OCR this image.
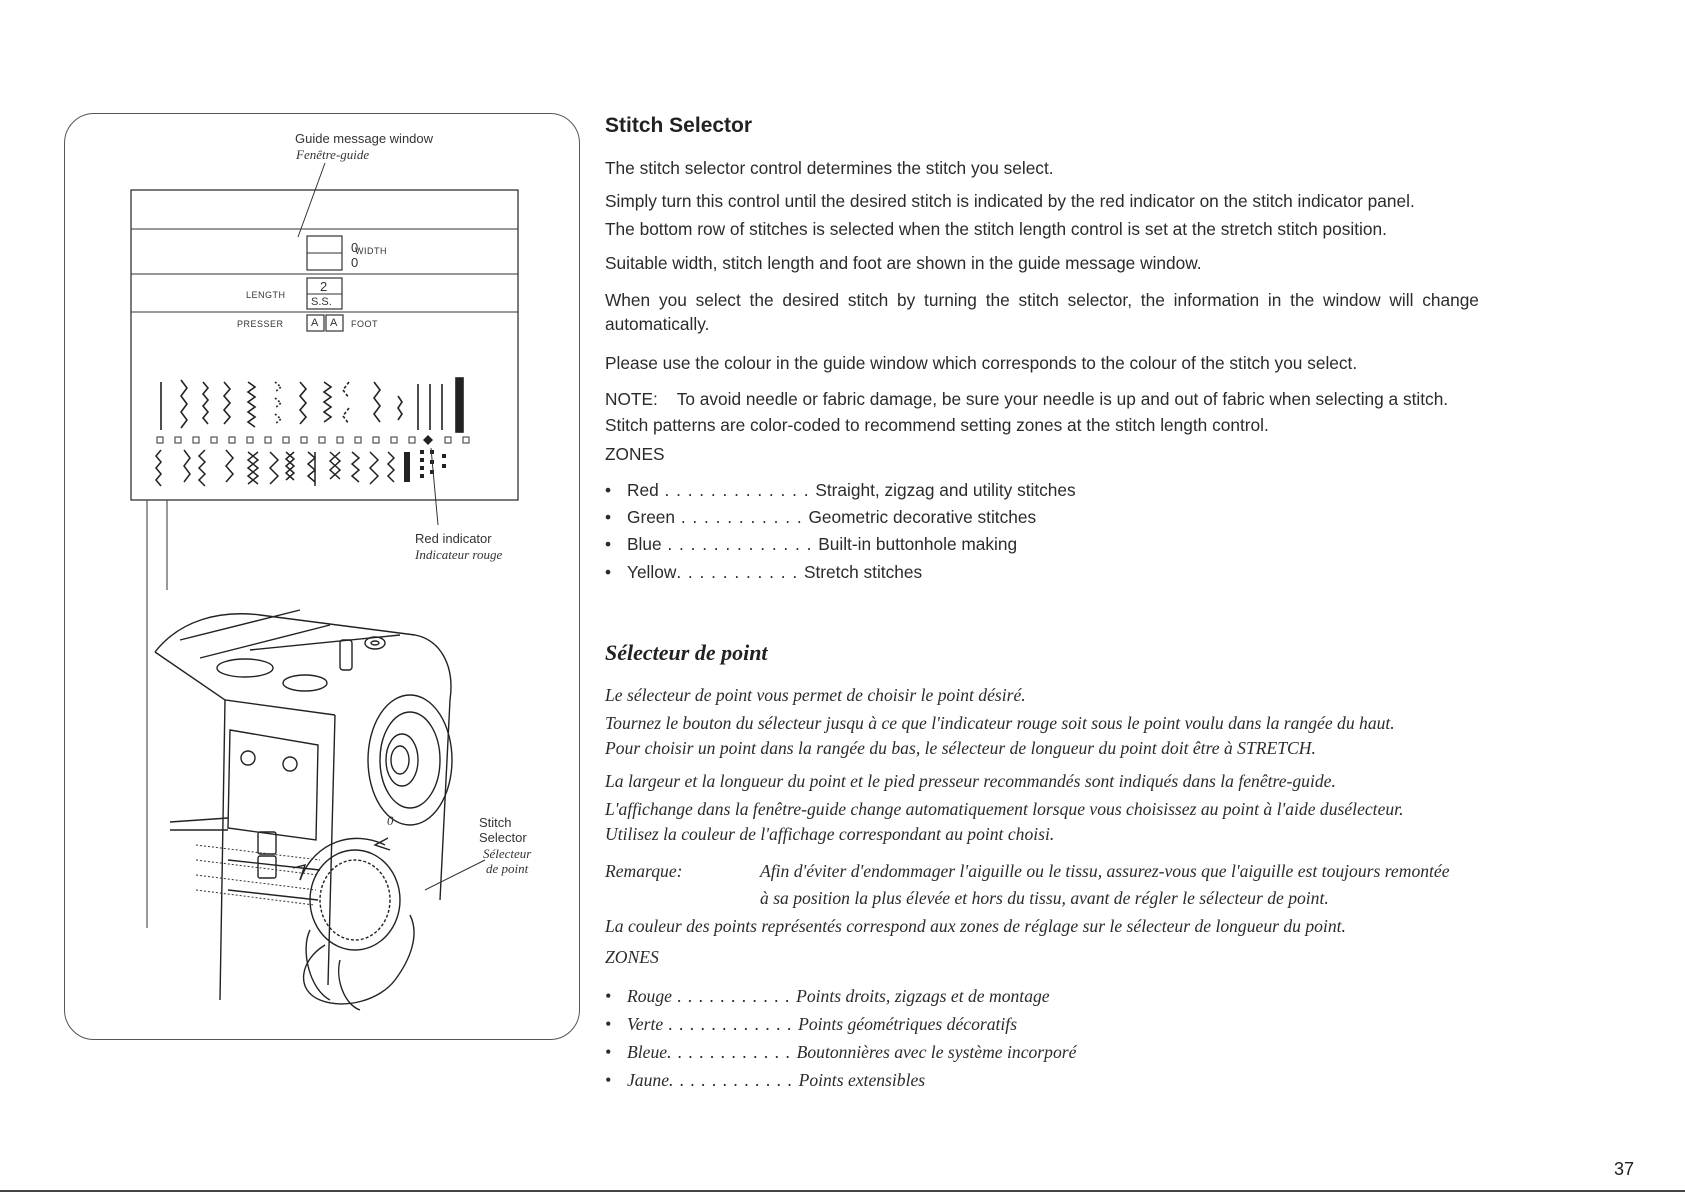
Guide message window
Fenêtre-guide
0
0
WIDTH
2
S.S.
LENGTH
PRESSER A A FOOT
Red indicator
Indicateur rouge
Stitch
Selector
Sélecteur
de point
0
Stitch Selector
The stitch selector control determines the stitch you select.
Simply turn this control until the desired stitch is indicated by the red indicator on the stitch indicator panel.
The bottom row of stitches is selected when the stitch length control is set at the stretch stitch position.
Suitable width, stitch length and foot are shown in the guide message window.
When you select the desired stitch by turning the stitch selector, the information in the window will change
automatically.
Please use the colour in the guide window which corresponds to the colour of the stitch you select.
NOTE:    To avoid needle or fabric damage, be sure your needle is up and out of fabric when selecting a stitch.
Stitch patterns are color-coded to recommend setting zones at the stitch length control.
ZONES
• Red . . . . . . . . . . . . . Straight, zigzag and utility stitches
• Green . . . . . . . . . . . Geometric decorative stitches
• Blue . . . . . . . . . . . . . Built-in buttonhole making
• Yellow . . . . . . . . . . . Stretch stitches
Sélecteur de point
Le sélecteur de point vous permet de choisir le point désiré.
Tournez le bouton du sélecteur jusqu à ce que l'indicateur rouge soit sous le point voulu dans la rangée du haut.
Pour choisir un point dans la rangée du bas, le sélecteur de longueur du point doit être à STRETCH.
La largeur et la longueur du point et le pied presseur recommandés sont indiqués dans la fenêtre-guide.
L'affichange dans la fenêtre-guide change automatiquement lorsque vous choisissez au point à l'aide dusélecteur.
Utilisez la couleur de l'affichage correspondant au point choisi.
Remarque:	Afin d'éviter d'endommager l'aiguille ou le tissu, assurez-vous que l'aiguille est toujours remontée
à sa position la plus élevée et hors du tissu, avant de régler le sélecteur de point.
La couleur des points représentés correspond aux zones de réglage sur le sélecteur de longueur du point.
ZONES
• Rouge . . . . . . . . . . . Points droits, zigzags et de montage
• Verte . . . . . . . . . . . . Points géométriques décoratifs
• Bleue . . . . . . . . . . . . Boutonnières avec le système incorporé
• Jaune . . . . . . . . . . . . Points extensibles
37
